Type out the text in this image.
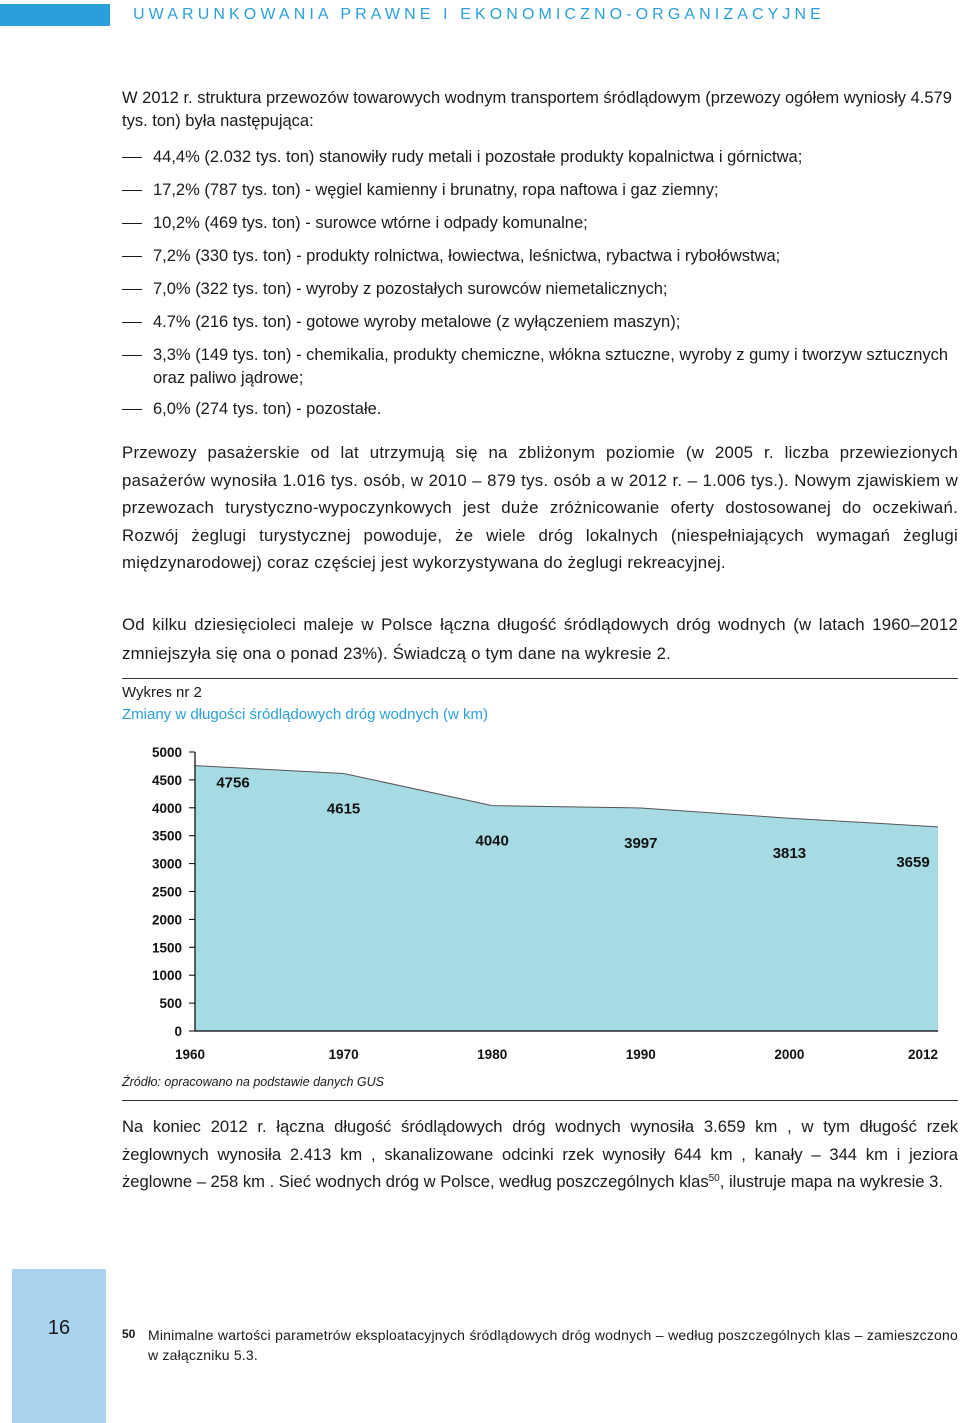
UWARUNKOWANIA PRAWNE I EKONOMICZNO-ORGANIZACYJNE
W 2012 r. struktura przewozów towarowych wodnym transportem śródlądowym (przewozy ogółem wyniosły 4.579 tys. ton) była następująca:
44,4% (2.032 tys. ton) stanowiły rudy metali i pozostałe produkty kopalnictwa i górnictwa;
17,2% (787 tys. ton) - węgiel kamienny i brunatny, ropa naftowa i gaz ziemny;
10,2% (469 tys. ton) - surowce wtórne i odpady komunalne;
7,2% (330 tys. ton) - produkty rolnictwa, łowiectwa, leśnictwa, rybactwa i rybołówstwa;
7,0% (322 tys. ton) - wyroby z pozostałych surowców niemetalicznych;
4.7% (216 tys. ton) - gotowe wyroby metalowe (z wyłączeniem maszyn);
3,3% (149 tys. ton) - chemikalia, produkty chemiczne, włókna sztuczne, wyroby z gumy i tworzyw sztucznych oraz paliwo jądrowe;
6,0% (274 tys. ton) - pozostałe.
Przewozy pasażerskie od lat utrzymują się na zbliżonym poziomie (w 2005 r. liczba przewiezionych pasażerów wynosiła 1.016 tys. osób, w 2010 – 879 tys. osób a w 2012 r. – 1.006 tys.). Nowym zjawiskiem w przewozach turystyczno-wypoczynkowych jest duże zróżnicowanie oferty dostosowanej do oczekiwań. Rozwój żeglugi turystycznej powoduje, że wiele dróg lokalnych (niespełniających wymagań żeglugi międzynarodowej) coraz częściej jest wykorzystywana do żeglugi rekreacyjnej.
Od kilku dziesięcioleci maleje w Polsce łączna długość śródlądowych dróg wodnych (w latach 1960–2012 zmniejszyła się ona o ponad 23%). Świadczą o tym dane na wykresie 2.
Wykres nr 2
Zmiany w długości śródlądowych dróg wodnych (w km)
5000
4500
4000
3500
3000
2500
2000
1500
1000
500
0
4756
4615
4040	3997
3813
3659
1960	1970	1980	1990	2000	2012
Źródło: opracowano na podstawie danych GUS
Na koniec 2012 r. łączna długość śródlądowych dróg wodnych wynosiła 3.659 km , w tym długość rzek żeglownych wynosiła 2.413 km , skanalizowane odcinki rzek wynosiły 644 km , kanały – 344 km i jeziora żeglowne – 258 km . Sieć wodnych dróg w Polsce, według poszczególnych klas$^{50}$, ilustruje mapa na wykresie 3.
16	50 Minimalne wartości parametrów eksploatacyjnych śródlądowych dróg wodnych – według poszczególnych klas – zamieszczono w załączniku 5.3.
